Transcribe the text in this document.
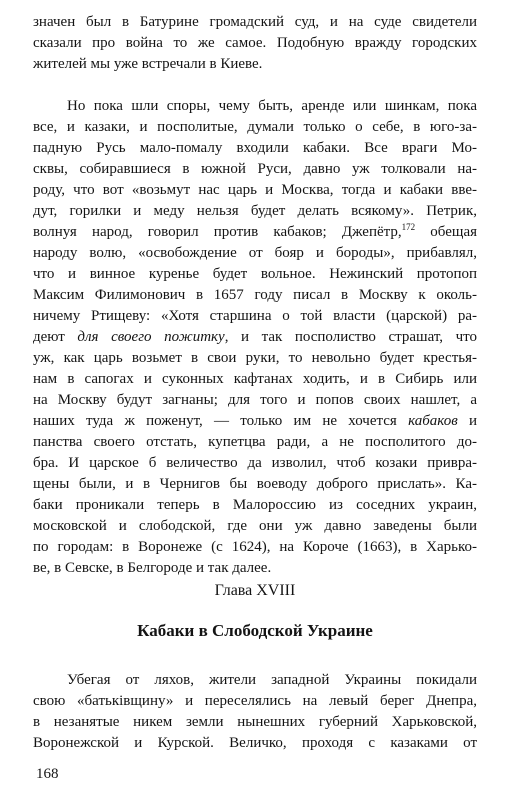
значен был в Батурине громадский суд, и на суде свидетели
сказали про война то же самое. Подобную вражду городских
жителей мы уже встречали в Киеве.
Но пока шли споры, чему быть, аренде или шинкам, пока
все, и казаки, и посполитые, думали только о себе, в юго-за-
падную Русь мало-помалу входили кабаки. Все враги Мо-
сквы, собиравшиеся в южной Руси, давно уж толковали на-
роду, что вот «возьмут нас царь и Москва, тогда и кабаки вве-
дут, горилки и меду нельзя будет делать всякому». Петрик,
волнуя народ, говорил против кабаков; Джепётр,$^{172}$ обещая
народу волю, «освобождение от бояр и бороды», прибавлял,
что и винное куренье будет вольное. Нежинский протопоп
Максим Филимонович в 1657 году писал в Москву к околь-
ничему Ртищеву: «Хотя старшина о той власти (царской) ра-
деют для своего пожитку, и так посполиство страшат, что
уж, как царь возьмет в свои руки, то невольно будет крестья-
нам в сапогах и суконных кафтанах ходить, и в Сибирь или
на Москву будут загнаны; для того и попов своих нашлет, а
наших туда ж поженут, — только им не хочется кабаков и
панства своего отстать, купетцва ради, а не посполитого до-
бра. И царское б величество да изволил, чтоб козаки привра-
щены были, и в Чернигов бы воеводу доброго прислать». Ка-
баки проникали теперь в Малороссию из соседних украин,
московской и слободской, где они уж давно заведены были
по городам: в Воронеже (с 1624), на Короче (1663), в Харько-
ве, в Севске, в Белгороде и так далее.
Глава XVIII
Кабаки в Слободской Украине
Убегая от ляхов, жители западной Украины покидали
свою «батьківщину» и переселялись на левый берег Днепра,
в незанятые никем земли нынешних губерний Харьковской,
Воронежской и Курской. Величко, проходя с казаками от
168
